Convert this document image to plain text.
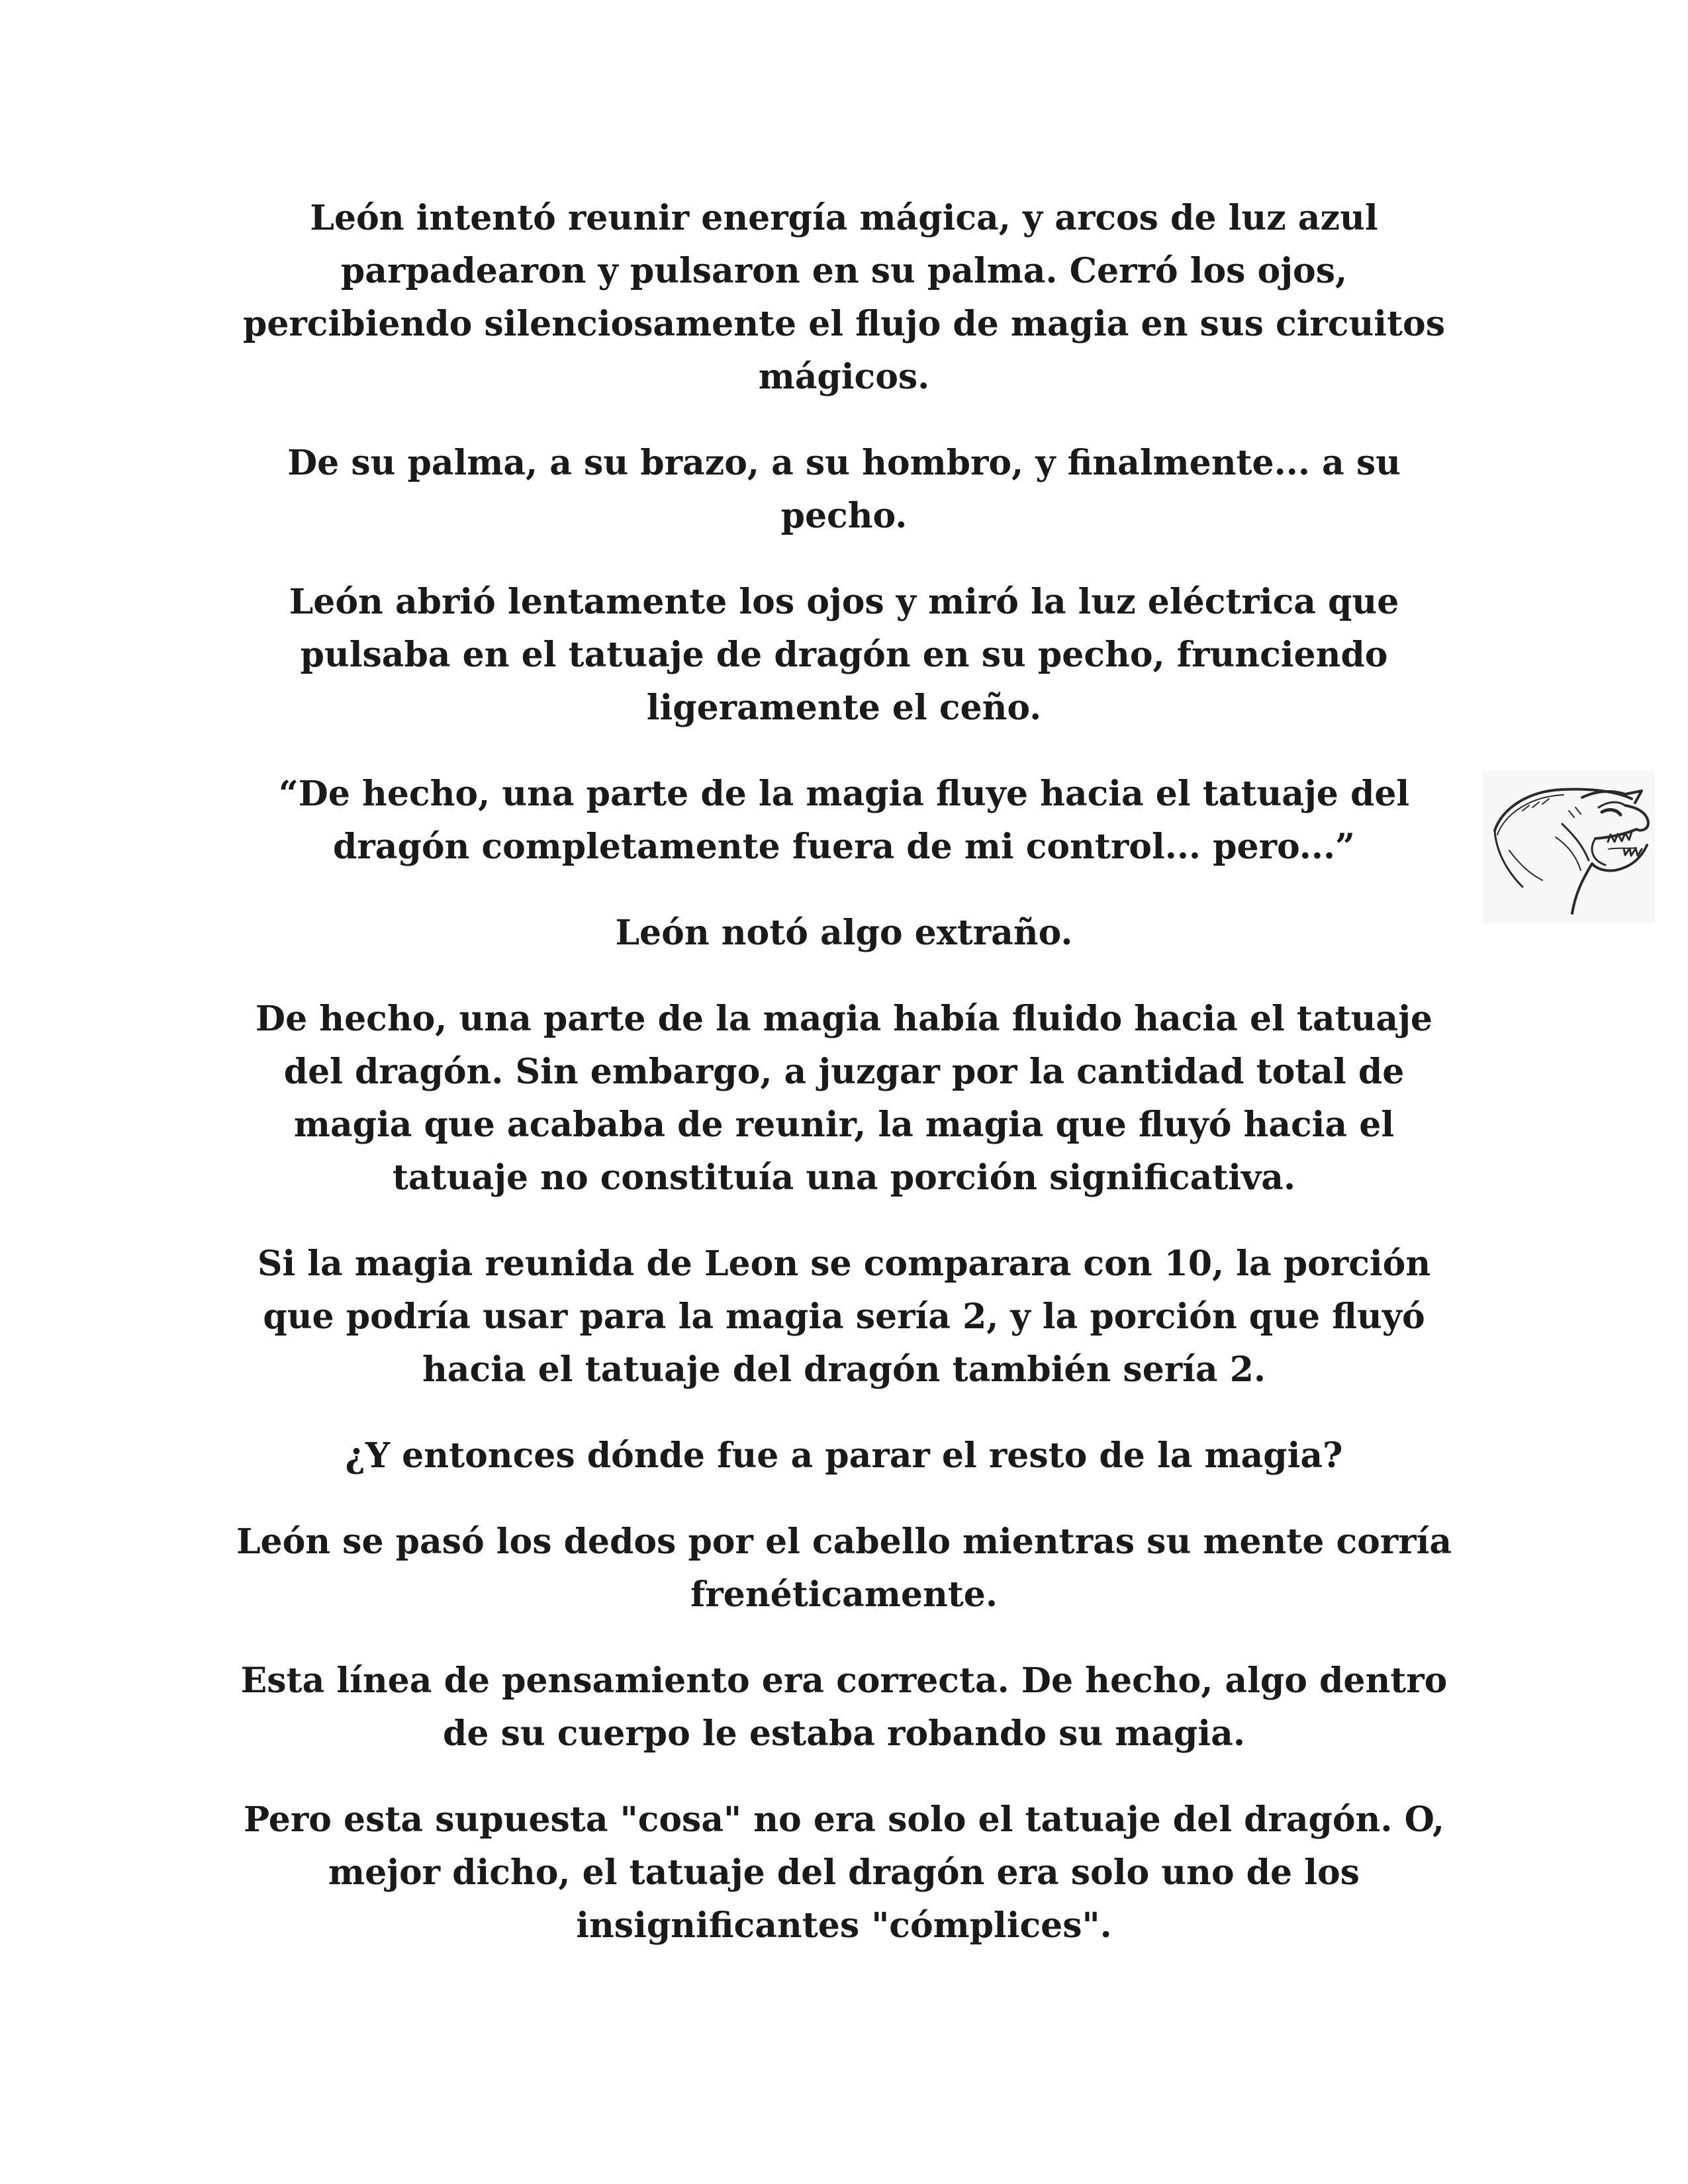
León intentó reunir energía mágica, y arcos de luz azul parpadearon y pulsaron en su palma. Cerró los ojos, percibiendo silenciosamente el flujo de magia en sus circuitos mágicos.

De su palma, a su brazo, a su hombro, y finalmente... a su pecho.

León abrió lentamente los ojos y miró la luz eléctrica que pulsaba en el tatuaje de dragón en su pecho, frunciendo ligeramente el ceño.

“De hecho, una parte de la magia fluye hacia el tatuaje del dragón completamente fuera de mi control... pero...”

León notó algo extraño.

De hecho, una parte de la magia había fluido hacia el tatuaje del dragón. Sin embargo, a juzgar por la cantidad total de magia que acababa de reunir, la magia que fluyó hacia el tatuaje no constituía una porción significativa.

Si la magia reunida de Leon se comparara con 10, la porción que podría usar para la magia sería 2, y la porción que fluyó hacia el tatuaje del dragón también sería 2.

¿Y entonces dónde fue a parar el resto de la magia?

León se pasó los dedos por el cabello mientras su mente corría frenéticamente.

Esta línea de pensamiento era correcta. De hecho, algo dentro de su cuerpo le estaba robando su magia.

Pero esta supuesta "cosa" no era solo el tatuaje del dragón. O, mejor dicho, el tatuaje del dragón era solo uno de los insignificantes "cómplices".
